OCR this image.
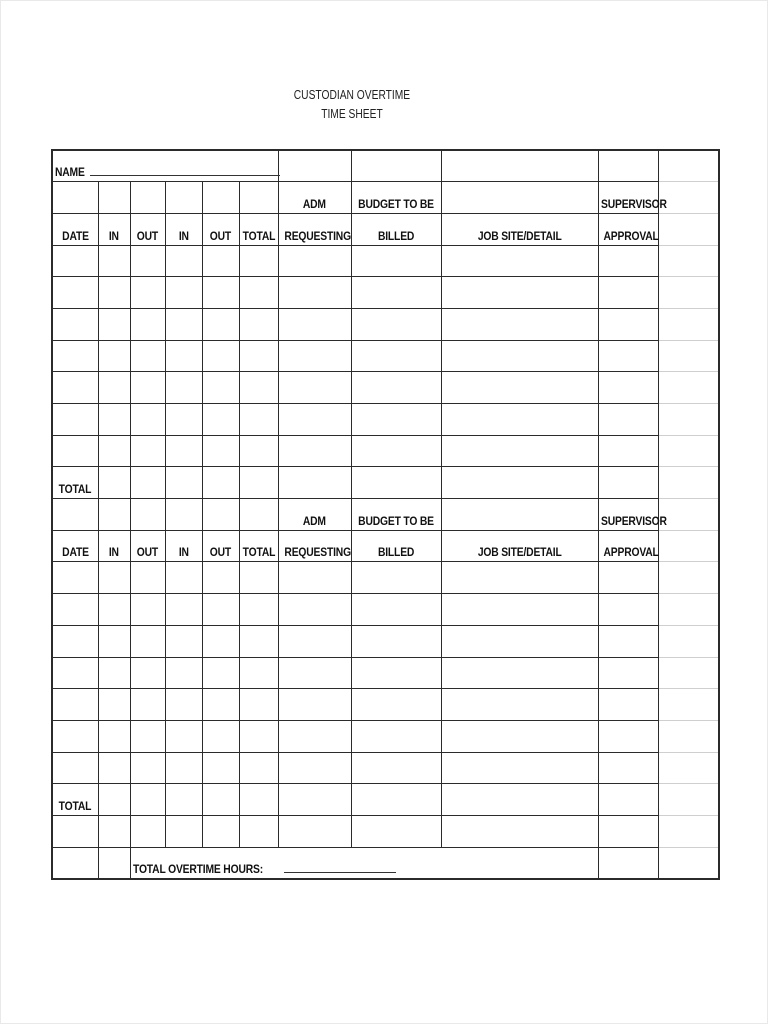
CUSTODIAN OVERTIME
TIME SHEET
NAME										
						ADM	BUDGET TO BE		SUPERVISOR	
DATE	IN	OUT	IN	OUT	TOTAL	REQUESTING	BILLED	JOB SITE/DETAIL	APPROVAL	

TOTAL										
						ADM	BUDGET TO BE		SUPERVISOR	
DATE	IN	OUT	IN	OUT	TOTAL	REQUESTING	BILLED	JOB SITE/DETAIL	APPROVAL	

TOTAL										

		TOTAL OVERTIME HOURS:								
